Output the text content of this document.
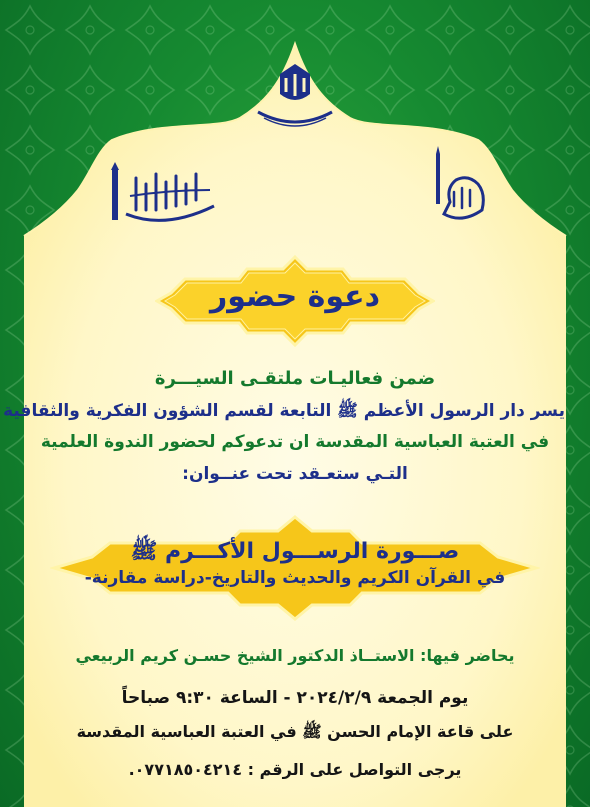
دعوة حضور
ضمن فعاليـات ملتقـى السيـــرة
يسر دار الرسول الأعظم ﷺ التابعة لقسم الشؤون الفكرية والثقافية
في العتبة العباسية المقدسة ان تدعوكم لحضور الندوة العلمية
التـي ستعـقد تحت عنــوان:
صـــورة الرســـول الأكـــرم ﷺ
في القرآن الكريم والحديث والتاريخ-دراسة مقارنة-
يحاضر فيها: الاستــاذ الدكتور الشيخ حسـن كريم الربيعي
يوم الجمعة ٢٠٢٤/٢/٩ - الساعة ٩:٣٠ صباحاً
على قاعة الإمام الحسن ﷺ في العتبة العباسية المقدسة
يرجى التواصل على الرقم : ٠٧٧١٨٥٠٤٢١٤.
